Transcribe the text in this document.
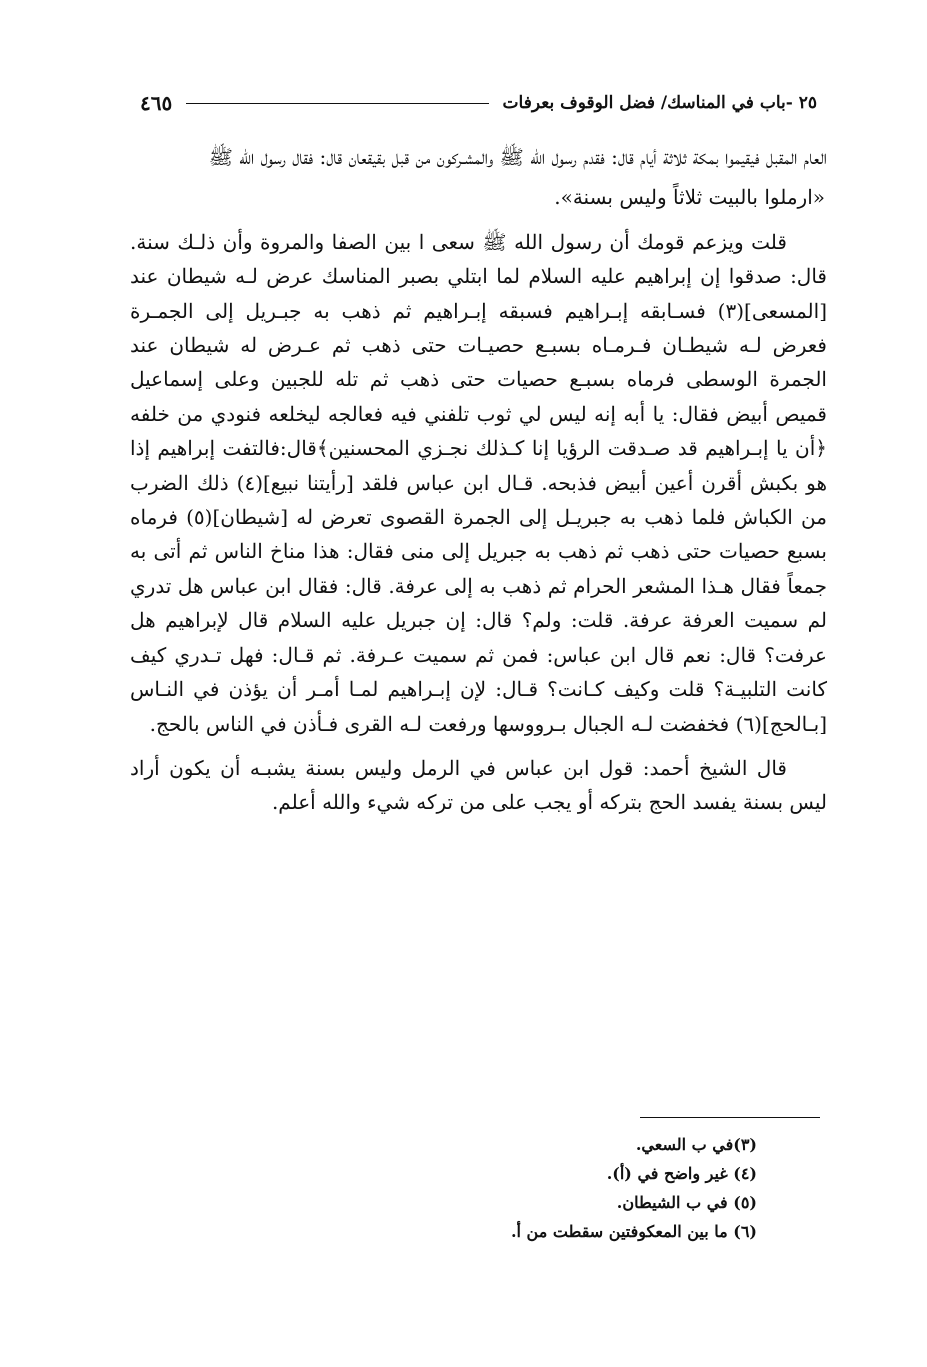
٢٥ -باب في المناسك/ فضل الوقوف بعرفات
٤٦٥

العام المقبل فيقيموا بمكة ثلاثة أيام قال: فقدم رسول الله ﷺ والمشـركون من قبل بقيقعان قال: فقال رسول الله ﷺ

«ارملوا بالبيت ثلاثاً وليس بسنة».

قلت ويزعم قومك أن رسول الله ﷺ سعى ا بين الصفا والمروة وأن ذلـك سنة. قال: صدقوا إن إبراهيم عليه السلام لما ابتلي بصبر المناسك عرض لـه شيطان عند [المسعى](٣) فسـابقه إبـراهيم فسبقه إبـراهيم ثم ذهب به جبـريل إلى الجمـرة فعرض لـه شيطـان فـرمـاه بسبـع حصيـات حتى ذهب ثم عـرض له شيطان عند الجمرة الوسطى فرماه بسبـع حصيات حتى ذهب ثم تله للجبين وعلى إسماعيل قميص أبيض فقال: يا أبه إنه ليس لي ثوب تلفني فيه فعالجه ليخلعه فنودي من خلفه ﴿أن يا إبـراهيم قد صـدقت الرؤيا إنا كـذلك نجـزي المحسنين﴾قال:فالتفت إبراهيم إذا هو بكبش أقرن أعين أبيض فذبحه. قـال ابن عباس فلقد [رأيتنا نبيع](٤) ذلك الضرب من الكباش فلما ذهب به جبريـل إلى الجمرة القصوى تعرض له [شيطان](٥) فرماه بسبع حصيات حتى ذهب ثم ذهب به جبريل إلى منى فقال: هذا مناخ الناس ثم أتى به جمعاً فقال هـذا المشعر الحرام ثم ذهب به إلى عرفة. قال: فقال ابن عباس هل تدري لم سميت العرفة عرفة. قلت: ولم؟ قال: إن جبريل عليه السلام قال لإبراهيم هل عرفت؟ قال: نعم قال ابن عباس: فمن ثم سميت عـرفة. ثم قـال: فهل تـدري كيف كانت التلبيـة؟ قلت وكيف كـانت؟ قـال: لإن إبـراهيم لمـا أمـر أن يؤذن في النـاس [بـالحج](٦) فخفضت لـه الجبال بـرووسها ورفعت لـه القرى فـأذن في الناس بالحج.

قال الشيخ أحمد: قول ابن عباس في الرمل وليس بسنة يشبـه أن يكون أراد ليس بسنة يفسد الحج بتركه أو يجب على من تركه شيء والله أعلم.

(٣)في ب السعي.

(٤) غير واضح في (أ).

(٥) في ب الشيطان.

(٦) ما بين المعكوفتين سقطت من أ.
